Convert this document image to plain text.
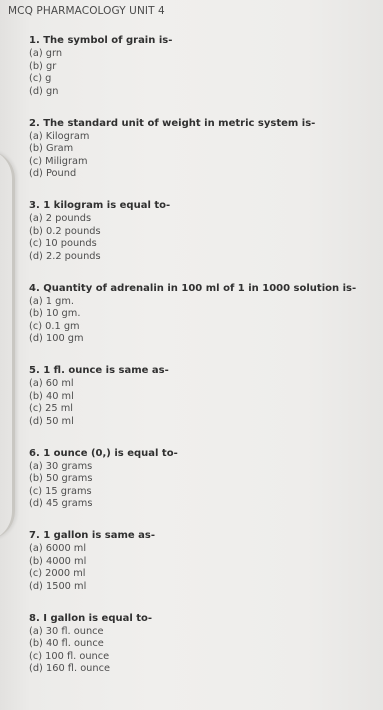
MCQ PHARMACOLOGY UNIT 4

1. The symbol of grain is-

(a) grn

(b) gr

(c) g

(d) gn

2. The standard unit of weight in metric system is-

(a) Kilogram

(b) Gram

(c) Miligram

(d) Pound

3. 1 kilogram is equal to-

(a) 2 pounds

(b) 0.2 pounds

(c) 10 pounds

(d) 2.2 pounds

4. Quantity of adrenalin in 100 ml of 1 in 1000 solution is-

(a) 1 gm.

(b) 10 gm.

(c) 0.1 gm

(d) 100 gm

5. 1 fl. ounce is same as-

(a) 60 ml

(b) 40 ml

(c) 25 ml

(d) 50 ml

6. 1 ounce (0,) is equal to-

(a) 30 grams

(b) 50 grams

(c) 15 grams

(d) 45 grams

7. 1 gallon is same as-

(a) 6000 ml

(b) 4000 ml

(c) 2000 ml

(d) 1500 ml

8. I gallon is equal to-

(a) 30 fl. ounce

(b) 40 fl. ounce

(c) 100 fl. ounce

(d) 160 fl. ounce
